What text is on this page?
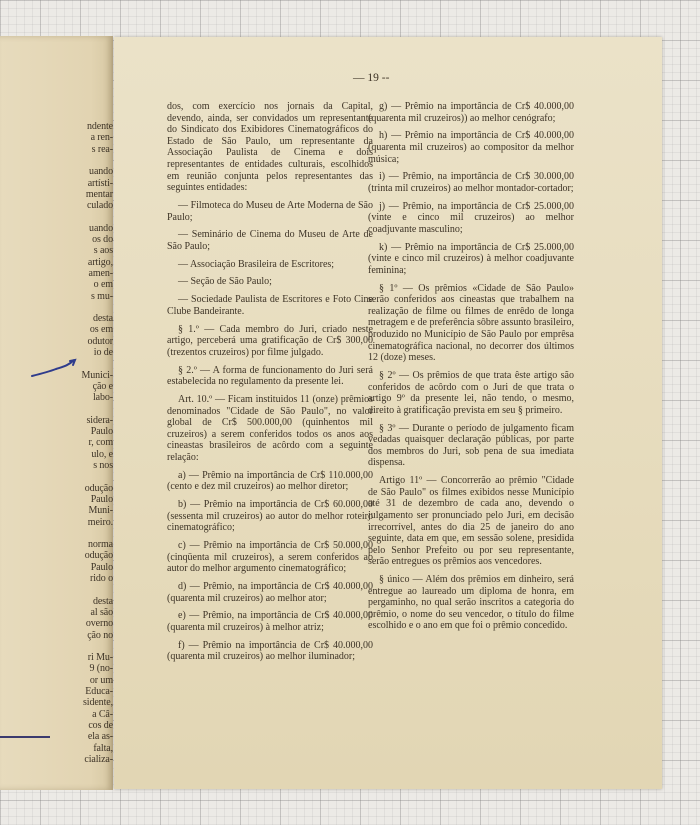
ndente
a ren-
s rea-
uando
artísti-
mentar
culado
uando
os do
s aos
artigo,
amen-
o em
s mu-
desta
os em
odutor
io de
Munici-
ção e
labo-
sidera-
Paulo
r, com
ulo, e
s nos
odução
Paulo
Muni-
meiro.
norma
odução
Paulo
rido o
desta
al são
overno
ção no
ri Mu-
9 (no-
or um
Educa-
sidente,
a Câ-
cos de
ela as-
falta,
cializa-
— 19 --
dos, com exercício nos jornais da Capital, devendo, ainda, ser convidados um representante do Sindicato dos Exibidores Cinematográficos do Estado de São Paulo, um representante da Associação Paulista de Cinema e dois representantes de entidades culturais, escolhidos em reunião conjunta pelos representantes das seguintes entidades:
— Filmoteca do Museu de Arte Moderna de São Paulo;
— Seminário de Cinema do Museu de Arte de São Paulo;
— Associação Brasileira de Escritores;
— Seção de São Paulo;
— Sociedade Paulista de Escritores e Foto Cine Clube Bandeirante.
§ 1.º — Cada membro do Juri, criado neste artigo, perceberá uma gratificação de Cr$ 300,00 (trezentos cruzeiros) por filme julgado.
§ 2.º — A forma de funcionamento do Juri será estabelecida no regulamento da presente lei.
Art. 10.º — Ficam instituidos 11 (onze) prêmios denominados "Cidade de São Paulo", no valor global de Cr$ 500.000,00 (quinhentos mil cruzeiros) a serem conferidos todos os anos aos cineastas brasileiros de acôrdo com a seguinte relação:
a) — Prêmio na importância de Cr$ 110.000,00 (cento e dez mil cruzeiros) ao melhor diretor;
b) — Prêmio na importância de Cr$ 60.000,00 (sessenta mil cruzeiros) ao autor do melhor roteiro cinematográfico;
c) — Prêmio na importância de Cr$ 50.000,00 (cinqüenta mil cruzeiros), a serem conferidos ao autor do melhor argumento cinematográfico;
d) — Prêmio, na importância de Cr$ 40.000,00 (quarenta mil cruzeiros) ao melhor ator;
e) — Prêmio, na importância de Cr$ 40.000,00 (quarenta mil cruzeiros) à melhor atriz;
f) — Prêmio na importância de Cr$ 40.000,00 (quarenta mil cruzeiros) ao melhor iluminador;
g) — Prêmio na importância de Cr$ 40.000,00 (quarenta mil cruzeiros)) ao melhor cenógrafo;
h) — Prêmio na importância de Cr$ 40.000,00 (quarenta mil cruzeiros) ao compositor da melhor música;
i) — Prêmio, na importância de Cr$ 30.000,00 (trinta mil cruzeiros) ao melhor montador-cortador;
j) — Prêmio, na importância de Cr$ 25.000,00 (vinte e cinco mil cruzeiros) ao melhor coadjuvante masculino;
k) — Prêmio na importância de Cr$ 25.000,00 (vinte e cinco mil cruzeiros) à melhor coadjuvante feminina;
§ 1º — Os prêmios «Cidade de São Paulo» serão conferidos aos cineastas que trabalhem na realização de filme ou filmes de enrêdo de longa metragem e de preferência sôbre assunto brasileiro, produzido no Município de São Paulo por emprêsa cinematográfica nacional, no decorrer dos últimos 12 (doze) meses.
§ 2º — Os prêmios de que trata êste artigo são conferidos de acôrdo com o Juri de que trata o artigo 9º da presente lei, não tendo, o mesmo, direito à gratificação prevista em seu § primeiro.
§ 3º — Durante o período de julgamento ficam vedadas quaisquer declaração públicas, por parte dos membros do Juri, sob pena de sua imediata dispensa.
Artigo 11º — Concorrerão ao prêmio "Cidade de São Paulo" os filmes exibidos nesse Município até 31 de dezembro de cada ano, devendo o julgamento ser pronunciado pelo Juri, em decisão irrecorrível, antes do dia 25 de janeiro do ano seguinte, data em que, em sessão solene, presidida pelo Senhor Prefeito ou por seu representante, serão entregues os prêmios aos vencedores.
§ único — Além dos prêmios em dinheiro, será entregue ao laureado um diploma de honra, em pergaminho, no qual serão inscritos a categoria do prêmio, o nome do seu vencedor, o título do filme escolhido e o ano em que foi o prêmio concedido.
